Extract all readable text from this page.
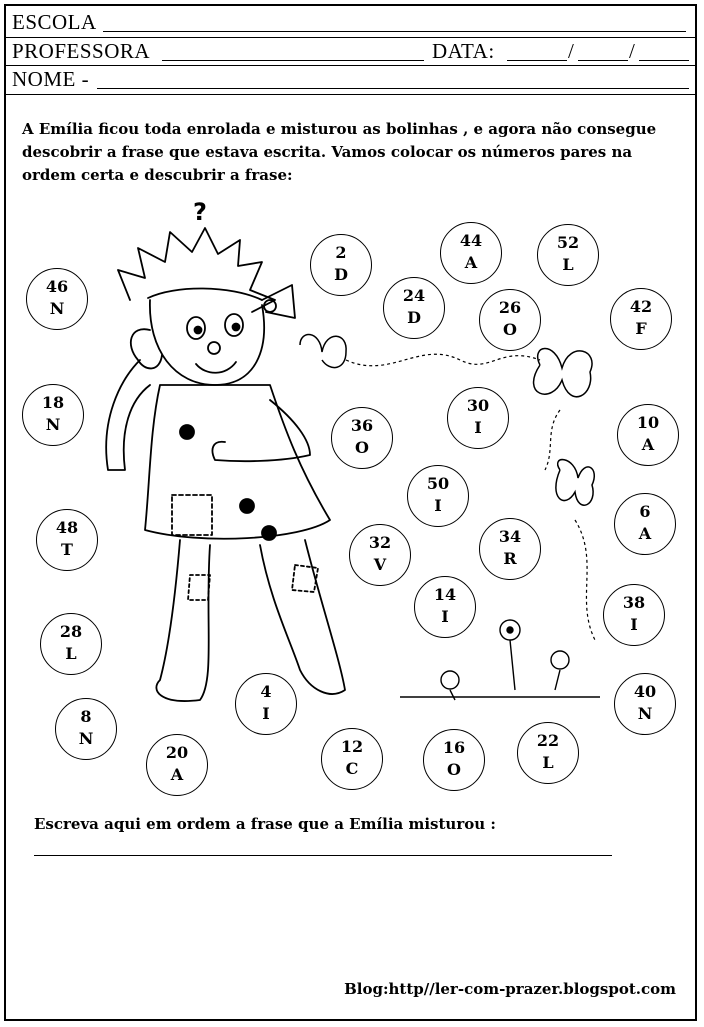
ESCOLA
PROFESSORA	DATA:	/	/
NOME -
A Emília ficou toda enrolada e misturou as bolinhas , e agora não consegue descobrir a frase que estava escrita. Vamos colocar os números pares na ordem certa e descubrir a frase:
?
2
D
44
A
52
L
46
N
24
D
26
O
42
F
18
N
30
I
36
O
10
A
50
I
48
T	32
V
34
R
6
A
14
I
38
I
28
L
4
I
40
N
8
N
20
A
12
C
16
O
22
L
Escreva aqui em ordem a frase que a Emília misturou :
Blog:http//ler-com-prazer.blogspot.com
